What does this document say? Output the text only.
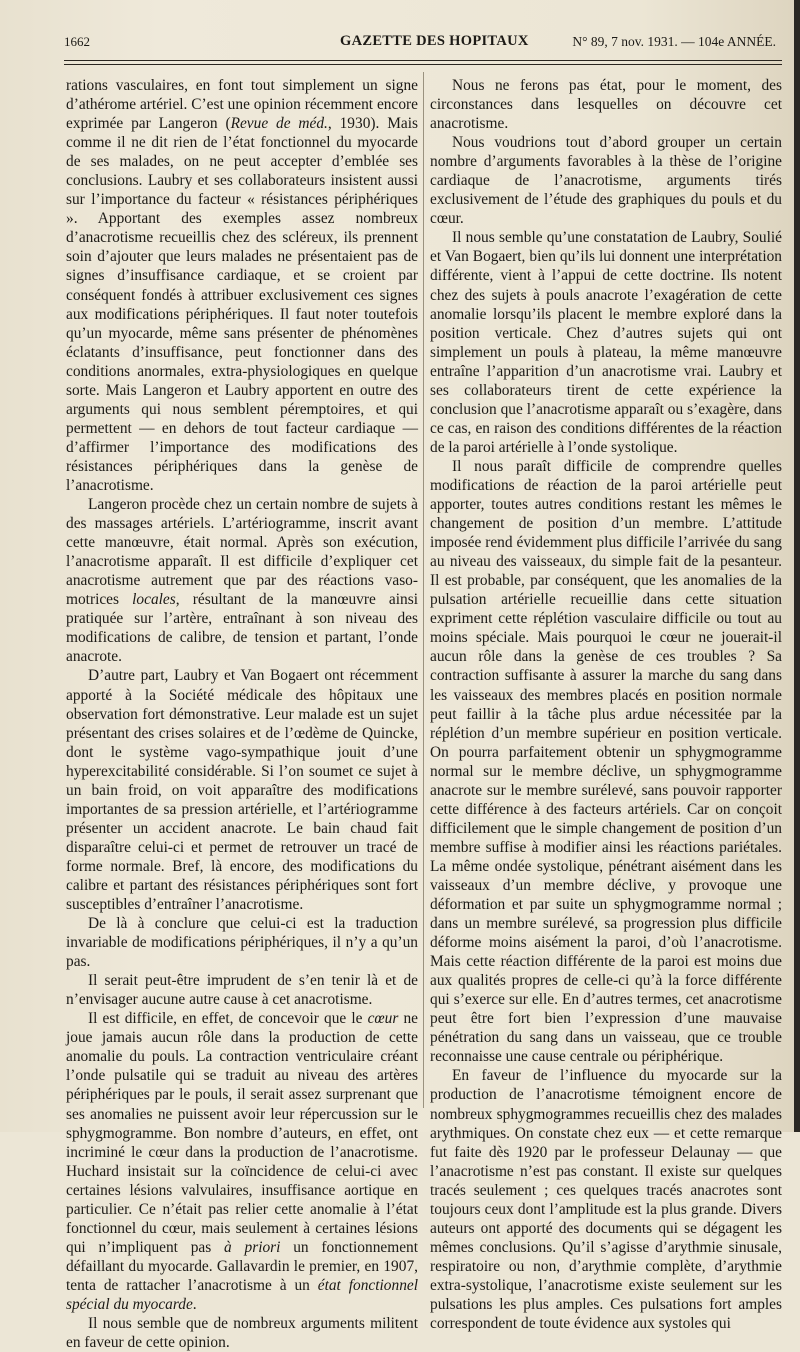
1662	GAZETTE DES HOPITAUX	N° 89, 7 nov. 1931. — 104e ANNÉE.

rations vasculaires, en font tout simplement un signe d’athérome artériel. C’est une opinion récemment encore exprimée par Langeron (Revue de méd., 1930). Mais comme il ne dit rien de l’état fonctionnel du myocarde de ses malades, on ne peut accepter d’emblée ses conclusions. Laubry et ses collaborateurs insistent aussi sur l’importance du facteur « résistances périphériques ». Apportant des exemples assez nombreux d’anacrotisme recueillis chez des scléreux, ils prennent soin d’ajouter que leurs malades ne présentaient pas de signes d’insuffisance cardiaque, et se croient par conséquent fondés à attribuer exclusivement ces signes aux modifications périphériques. Il faut noter toutefois qu’un myocarde, même sans présenter de phénomènes éclatants d’insuffisance, peut fonctionner dans des conditions anormales, extra-physiologiques en quelque sorte. Mais Langeron et Laubry apportent en outre des arguments qui nous semblent péremptoires, et qui permettent — en dehors de tout facteur cardiaque — d’affirmer l’importance des modifications des résistances périphériques dans la genèse de l’anacrotisme.

Langeron procède chez un certain nombre de sujets à des massages artériels. L’artériogramme, inscrit avant cette manœuvre, était normal. Après son exécution, l’anacrotisme apparaît. Il est difficile d’expliquer cet anacrotisme autrement que par des réactions vaso-motrices locales, résultant de la manœuvre ainsi pratiquée sur l’artère, entraînant à son niveau des modifications de calibre, de tension et partant, l’onde anacrote.

D’autre part, Laubry et Van Bogaert ont récemment apporté à la Société médicale des hôpitaux une observation fort démonstrative. Leur malade est un sujet présentant des crises solaires et de l’œdème de Quincke, dont le système vago-sympathique jouit d’une hyperexcitabilité considérable. Si l’on soumet ce sujet à un bain froid, on voit apparaître des modifications importantes de sa pression artérielle, et l’artériogramme présenter un accident anacrote. Le bain chaud fait disparaître celui-ci et permet de retrouver un tracé de forme normale. Bref, là encore, des modifications du calibre et partant des résistances périphériques sont fort susceptibles d’entraîner l’anacrotisme.

De là à conclure que celui-ci est la traduction invariable de modifications périphériques, il n’y a qu’un pas.

Il serait peut-être imprudent de s’en tenir là et de n’envisager aucune autre cause à cet anacrotisme.

Il est difficile, en effet, de concevoir que le cœur ne joue jamais aucun rôle dans la production de cette anomalie du pouls. La contraction ventriculaire créant l’onde pulsatile qui se traduit au niveau des artères périphériques par le pouls, il serait assez surprenant que ses anomalies ne puissent avoir leur répercussion sur le sphygmogramme. Bon nombre d’auteurs, en effet, ont incriminé le cœur dans la production de l’anacrotisme. Huchard insistait sur la coïncidence de celui-ci avec certaines lésions valvulaires, insuffisance aortique en particulier. Ce n’était pas relier cette anomalie à l’état fonctionnel du cœur, mais seulement à certaines lésions qui n’impliquent pas à priori un fonctionnement défaillant du myocarde. Gallavardin le premier, en 1907, tenta de rattacher l’anacrotisme à un état fonctionnel spécial du myocarde.

Il nous semble que de nombreux arguments militent en faveur de cette opinion.

Nous ne ferons pas état, pour le moment, des circonstances dans lesquelles on découvre cet anacrotisme.

Nous voudrions tout d’abord grouper un certain nombre d’arguments favorables à la thèse de l’origine cardiaque de l’anacrotisme, arguments tirés exclusivement de l’étude des graphiques du pouls et du cœur.

Il nous semble qu’une constatation de Laubry, Soulié et Van Bogaert, bien qu’ils lui donnent une interprétation différente, vient à l’appui de cette doctrine. Ils notent chez des sujets à pouls anacrote l’exagération de cette anomalie lorsqu’ils placent le membre exploré dans la position verticale. Chez d’autres sujets qui ont simplement un pouls à plateau, la même manœuvre entraîne l’apparition d’un anacrotisme vrai. Laubry et ses collaborateurs tirent de cette expérience la conclusion que l’anacrotisme apparaît ou s’exagère, dans ce cas, en raison des conditions différentes de la réaction de la paroi artérielle à l’onde systolique.

Il nous paraît difficile de comprendre quelles modifications de réaction de la paroi artérielle peut apporter, toutes autres conditions restant les mêmes le changement de position d’un membre. L’attitude imposée rend évidemment plus difficile l’arrivée du sang au niveau des vaisseaux, du simple fait de la pesanteur. Il est probable, par conséquent, que les anomalies de la pulsation artérielle recueillie dans cette situation expriment cette réplétion vasculaire difficile ou tout au moins spéciale. Mais pourquoi le cœur ne jouerait-il aucun rôle dans la genèse de ces troubles ? Sa contraction suffisante à assurer la marche du sang dans les vaisseaux des membres placés en position normale peut faillir à la tâche plus ardue nécessitée par la réplétion d’un membre supérieur en position verticale. On pourra parfaitement obtenir un sphygmogramme normal sur le membre déclive, un sphygmogramme anacrote sur le membre surélevé, sans pouvoir rapporter cette différence à des facteurs artériels. Car on conçoit difficilement que le simple changement de position d’un membre suffise à modifier ainsi les réactions pariétales. La même ondée systolique, pénétrant aisément dans les vaisseaux d’un membre déclive, y provoque une déformation et par suite un sphygmogramme normal ; dans un membre surélevé, sa progression plus difficile déforme moins aisément la paroi, d’où l’anacrotisme. Mais cette réaction différente de la paroi est moins due aux qualités propres de celle-ci qu’à la force différente qui s’exerce sur elle. En d’autres termes, cet anacrotisme peut être fort bien l’expression d’une mauvaise pénétration du sang dans un vaisseau, que ce trouble reconnaisse une cause centrale ou périphérique.

En faveur de l’influence du myocarde sur la production de l’anacrotisme témoignent encore de nombreux sphygmogrammes recueillis chez des malades arythmiques. On constate chez eux — et cette remarque fut faite dès 1920 par le professeur Delaunay — que l’anacrotisme n’est pas constant. Il existe sur quelques tracés seulement ; ces quelques tracés anacrotes sont toujours ceux dont l’amplitude est la plus grande. Divers auteurs ont apporté des documents qui se dégagent les mêmes conclusions. Qu’il s’agisse d’arythmie sinusale, respiratoire ou non, d’arythmie complète, d’arythmie extra-systolique, l’anacrotisme existe seulement sur les pulsations les plus amples. Ces pulsations fort amples correspondent de toute évidence aux systoles qui
